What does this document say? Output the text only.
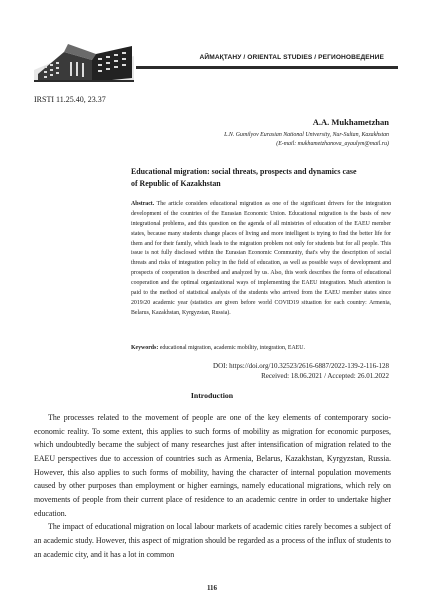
АЙМАҚТАНУ / ORIENTAL STUDIES / РЕГИОНОВЕДЕНИЕ
IRSTI 11.25.40, 23.37
A.A. Mukhametzhan
L.N. Gumilyov Eurasian National University, Nur-Sultan, Kazakhstan
(E-mail: mukhametzhanova_ayaulym@mail.ru)
Educational migration: social threats, prospects and dynamics case of Republic of Kazakhstan
Abstract. The article considers educational migration as one of the significant drivers for the integration development of the countries of the Eurasian Economic Union. Educational migration is the basis of new integrational problems, and this question on the agenda of all ministries of education of the EAEU member states, because many students change places of living and more intelligent is trying to find the better life for them and for their family, which leads to the migration problem not only for students but for all people. This issue is not fully disclosed within the Eurasian Economic Community, that's why the description of social threats and risks of integration policy in the field of education, as well as possible ways of development and prospects of cooperation is described and analyzed by us. Also, this work describes the forms of educational cooperation and the optimal organizational ways of implementing the EAEU integration. Much attention is paid to the method of statistical analysis of the students who arrived from the EAEU member states since 2019/20 academic year (statistics are given before world COVID19 situation for each country: Armenia, Belarus, Kazakhstan, Kyrgyzstan, Russia).
Keywords: educational migration, academic mobility, integration, EAEU.
DOI: https://doi.org/10.32523/2616-6887/2022-139-2-116-128
Received: 18.06.2021 / Accepted: 26.01.2022
Introduction

The processes related to the movement of people are one of the key elements of contemporary socio-economic reality. To some extent, this applies to such forms of mobility as migration for economic purposes, which undoubtedly became the subject of many researches just after intensification of migration related to the EAEU perspectives due to accession of countries such as Armenia, Belarus, Kazakhstan, Kyrgyzstan, Russia. However, this also applies to such forms of mobility, having the character of internal population movements caused by other purposes than employment or higher earnings, namely educational migrations, which rely on movements of people from their current place of residence to an academic centre in order to undertake higher education.

The impact of educational migration on local labour markets of academic cities rarely becomes a subject of an academic study. However, this aspect of migration should be regarded as a process of the influx of students to an academic city, and it has a lot in common

116
